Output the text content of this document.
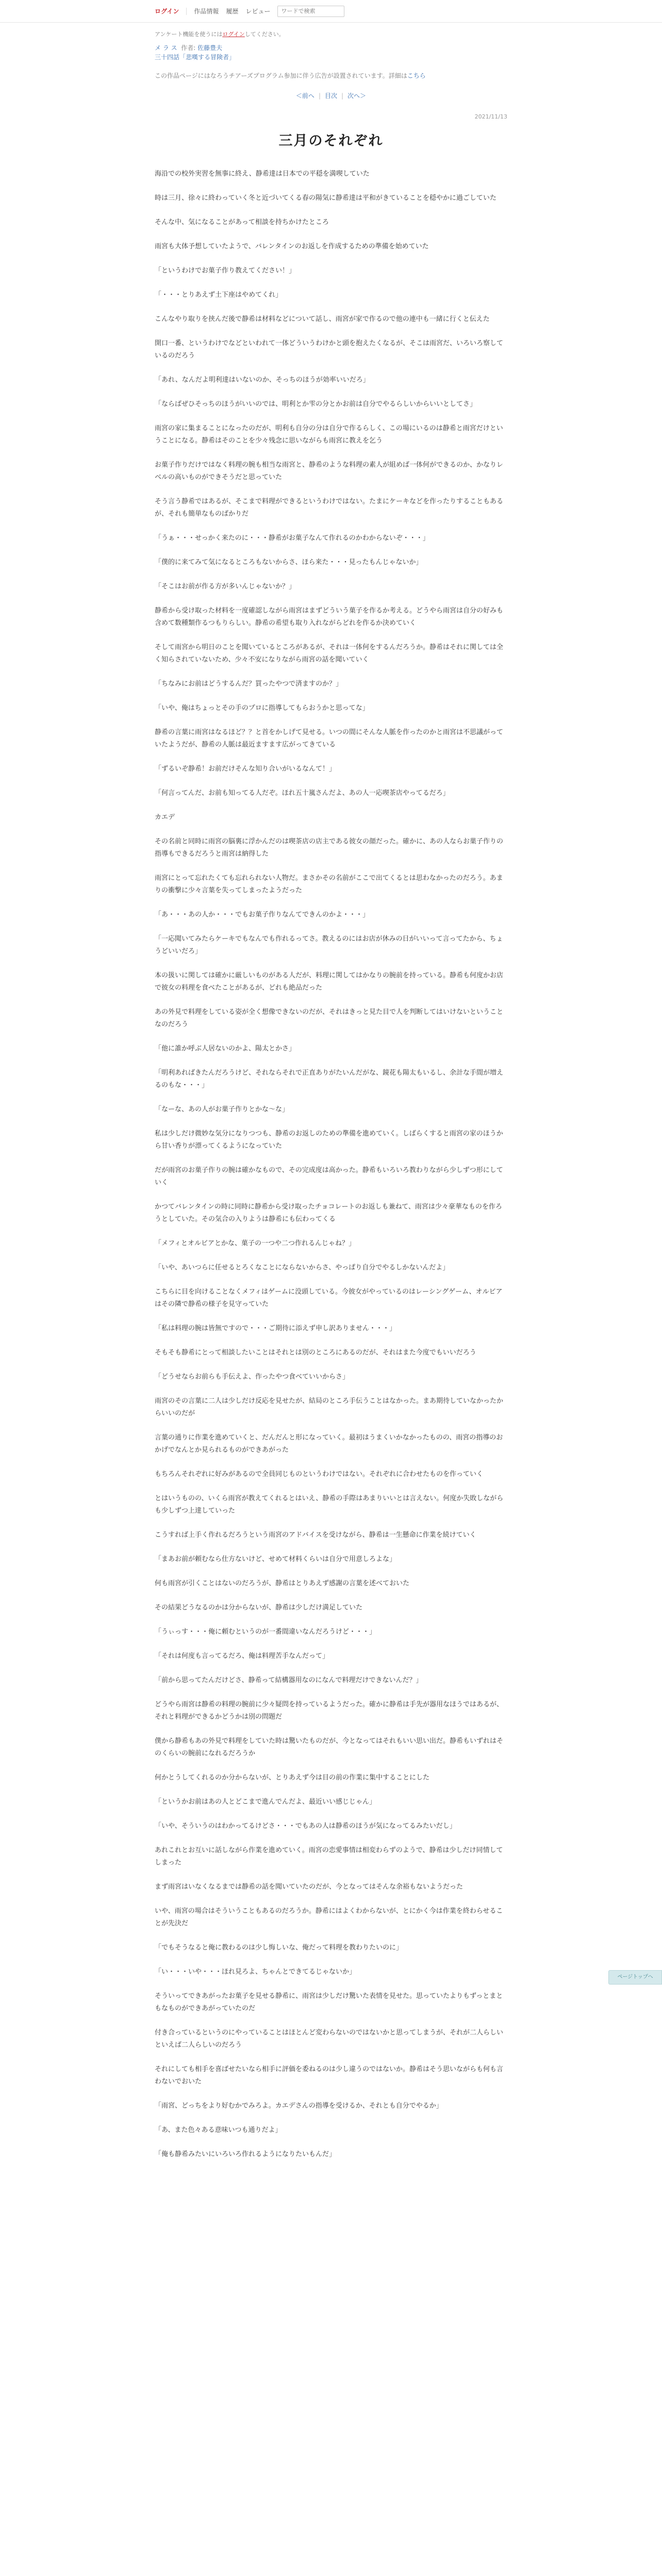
ログイン 作品情報 履歴 レビュー
ワードで検索
アンケート機能を使うにはログインしてください。
メ ラ ス 作者: 佐藤豊夫
三十四話「悲嘆する冒険者」
この作品ページにはなろうチアーズプログラム参加に伴う広告が設置されています。詳細はこちら
＜前へ | 目次 | 次へ＞
2021/11/13
三月のそれぞれ

海沿での校外実習を無事に終え、静希達は日本での平穏を満喫していた

時は三月、徐々に終わっていく冬と近づいてくる春の陽気に静希達は平和がきていることを穏やかに過ごしていた

そんな中、気になることがあって相談を持ちかけたところ

雨宮も大体予想していたようで、バレンタインのお返しを作成するための準備を始めていた

「というわけでお菓子作り教えてください！」

「・・・とりあえず土下座はやめてくれ」

こんなやり取りを挟んだ後で静希は材料などについて話し、雨宮が家で作るので他の連中も一緒に行くと伝えた

開口一番、というわけでなどといわれて一体どういうわけかと頭を抱えたくなるが、そこは雨宮だ、いろいろ察しているのだろう

「あれ、なんだよ明利達はいないのか、そっちのほうが効率いいだろ」

「ならばぜひそっちのほうがいいのでは、明利とか雫の分とかお前は自分でやるらしいからいいとしてさ」

雨宮の家に集まることになったのだが、明利も自分の分は自分で作るらしく、この場にいるのは静希と雨宮だけということになる。静希はそのことを少々残念に思いながらも雨宮に教えを乞う

お菓子作りだけではなく料理の腕も相当な雨宮と、静希のような料理の素人が組めば一体何ができるのか、かなりレベルの高いものができそうだと思っていた

そう言う静希ではあるが、そこまで料理ができるというわけではない。たまにケーキなどを作ったりすることもあるが、それも簡単なものばかりだ

「うぁ・・・せっかく来たのに・・・静希がお菓子なんて作れるのかわからないぞ・・・」

「僕的に来てみて気になるところもないからさ、ほら来た・・・見ったもんじゃないか」

「そこはお前が作る方が多いんじゃないか？」

静希から受け取った材料を一度確認しながら雨宮はまずどういう菓子を作るか考える。どうやら雨宮は自分の好みも含めて数種類作るつもりらしい。静希の希望も取り入れながらどれを作るか決めていく

そして雨宮から明日のことを聞いているところがあるが、それは一体何をするんだろうか。静希はそれに関しては全く知らされていないため、少々不安になりながら雨宮の話を聞いていく

「ちなみにお前はどうするんだ？買ったやつで済ますのか？」

「いや、俺はちょっとその手のプロに指導してもらおうかと思ってな」

静希の言葉に雨宮はなるほど？？と首をかしげて見せる。いつの間にそんな人脈を作ったのかと雨宮は不思議がっていたようだが、静希の人脈は最近ますます広がってきている

「ずるいぞ静希！お前だけそんな知り合いがいるなんて！」

「何言ってんだ、お前も知ってる人だぞ。ほれ五十嵐さんだよ、あの人一応喫茶店やってるだろ」

カエデ

その名前と同時に雨宮の脳裏に浮かんだのは喫茶店の店主である彼女の顔だった。確かに、あの人ならお菓子作りの指導もできるだろうと雨宮は納得した

雨宮にとって忘れたくても忘れられない人物だ。まさかその名前がここで出てくるとは思わなかったのだろう。あまりの衝撃に少々言葉を失ってしまったようだった

「あ・・・あの人か・・・でもお菓子作りなんてできんのかよ・・・」

「一応聞いてみたらケーキでもなんでも作れるってさ。教えるのにはお店が休みの日がいいって言ってたから、ちょうどいいだろ」

本の扱いに関しては確かに厳しいものがある人だが、料理に関してはかなりの腕前を持っている。静希も何度かお店で彼女の料理を食べたことがあるが、どれも絶品だった

あの外見で料理をしている姿が全く想像できないのだが、それはきっと見た目で人を判断してはいけないということなのだろう

「他に誰か呼ぶ人居ないのかよ、陽太とかさ」

「明利あればきたんだろうけど、それならそれで正直ありがたいんだがな、鏡花も陽太もいるし、余計な手間が増えるのもな・・・」

「なーな、あの人がお菓子作りとかな～な」

私は少しだけ微妙な気分になりつつも、静希のお返しのための準備を進めていく。しばらくすると雨宮の家のほうから甘い香りが漂ってくるようになっていた

だが雨宮のお菓子作りの腕は確かなもので、その完成度は高かった。静希もいろいろ教わりながら少しずつ形にしていく

かつてバレンタインの時に同時に静希から受け取ったチョコレートのお返しも兼ねて、雨宮は少々豪華なものを作ろうとしていた。その気合の入りようは静希にも伝わってくる

「メフィとオルビアとかな、菓子の一つや二つ作れるんじゃね？」

「いや、あいつらに任せるとろくなことにならないからさ、やっぱり自分でやるしかないんだよ」

こちらに目を向けることなくメフィはゲームに没頭している。今彼女がやっているのはレーシングゲーム、オルビアはその隣で静希の様子を見守っていた

「私は料理の腕は皆無ですので・・・ご期待に添えず申し訳ありません・・・」

そもそも静希にとって相談したいことはそれとは別のところにあるのだが、それはまた今度でもいいだろう

「どうせならお前らも手伝えよ、作ったやつ食べていいからさ」

雨宮のその言葉に二人は少しだけ反応を見せたが、結局のところ手伝うことはなかった。まあ期待していなかったからいいのだが

言葉の通りに作業を進めていくと、だんだんと形になっていく。最初はうまくいかなかったものの、雨宮の指導のおかげでなんとか見られるものができあがった

もちろんそれぞれに好みがあるので全員同じものというわけではない。それぞれに合わせたものを作っていく

とはいうものの、いくら雨宮が教えてくれるとはいえ、静希の手際はあまりいいとは言えない。何度か失敗しながらも少しずつ上達していった

こうすれば上手く作れるだろうという雨宮のアドバイスを受けながら、静希は一生懸命に作業を続けていく

「まあお前が頼むなら仕方ないけど、せめて材料くらいは自分で用意しろよな」

何も雨宮が引くことはないのだろうが、静希はとりあえず感謝の言葉を述べておいた

その結果どうなるのかは分からないが、静希は少しだけ満足していた

「うぃっす・・・俺に頼むというのが一番間違いなんだろうけど・・・」

「それは何度も言ってるだろ、俺は料理苦手なんだって」

「前から思ってたんだけどさ、静希って結構器用なのになんで料理だけできないんだ？」

どうやら雨宮は静希の料理の腕前に少々疑問を持っているようだった。確かに静希は手先が器用なほうではあるが、それと料理ができるかどうかは別の問題だ

僕から静希もあの外見で料理をしていた時は驚いたものだが、今となってはそれもいい思い出だ。静希もいずれはそのくらいの腕前になれるだろうか

何かとうしてくれるのか分からないが、とりあえず今は目の前の作業に集中することにした

「というかお前はあの人とどこまで進んでんだよ、最近いい感じじゃん」

「いや、そういうのはわかってるけどさ・・・でもあの人は静希のほうが気になってるみたいだし」

あれこれとお互いに話しながら作業を進めていく。雨宮の恋愛事情は相変わらずのようで、静希は少しだけ同情してしまった

まず雨宮はいなくなるまでは静希の話を聞いていたのだが、今となってはそんな余裕もないようだった

いや、雨宮の場合はそういうこともあるのだろうか。静希にはよくわからないが、とにかく今は作業を終わらせることが先決だ

「でもそうなると俺に教わるのは少し悔しいな、俺だって料理を教わりたいのに」

「い・・・いや・・・ほれ見ろよ、ちゃんとできてるじゃないか」

そういってできあがったお菓子を見せる静希に、雨宮は少しだけ驚いた表情を見せた。思っていたよりもずっとまともなものができあがっていたのだ

付き合っているというのにやっていることはほとんど変わらないのではないかと思ってしまうが、それが二人らしいといえば二人らしいのだろう

それにしても相手を喜ばせたいなら相手に評価を委ねるのは少し違うのではないか。静希はそう思いながらも何も言わないでおいた

「雨宮、どっちをより好むかでみろよ。カエデさんの指導を受けるか、それとも自分でやるか」

「あ、また色々ある意味いつも通りだよ」

「俺も静希みたいにいろいろ作れるようになりたいもんだ」

ページトップへ
